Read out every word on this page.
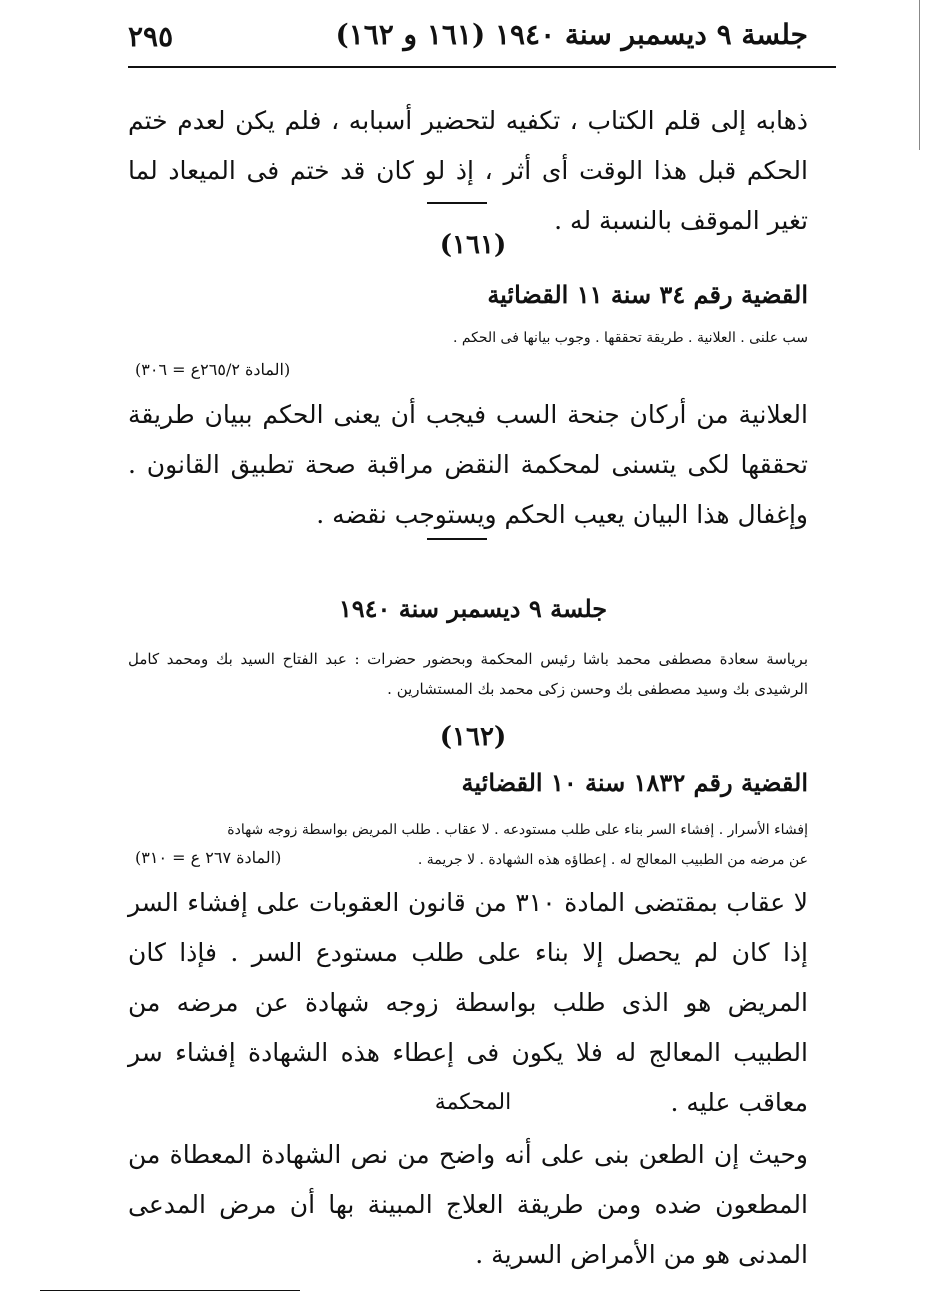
جلسة ٩ ديسمبر سنة ١٩٤٠ (١٦١ و ١٦٢)
٢٩٥
ذهابه إلى قلم الكتاب ، تكفيه لتحضير أسبابه ، فلم يكن لعدم ختم الحكم قبل هذا الوقت أى أثر ، إذ لو كان قد ختم فى الميعاد لما تغير الموقف بالنسبة له .
(١٦١)
القضية رقم ٣٤ سنة ١١ القضائية
سب علنى . العلانية . طريقة تحققها . وجوب بيانها فى الحكم .
(المادة ٢٦٥/٢ع = ٣٠٦)
العلانية من أركان جنحة السب فيجب أن يعنى الحكم ببيان طريقة تحققها لكى يتسنى لمحكمة النقض مراقبة صحة تطبيق القانون . وإغفال هذا البيان يعيب الحكم ويستوجب نقضه .
جلسة ٩ ديسمبر سنة ١٩٤٠
برياسة سعادة مصطفى محمد باشا رئيس المحكمة وبحضور حضرات : عبد الفتاح السيد بك ومحمد كامل الرشيدى بك وسيد مصطفى بك وحسن زكى محمد بك المستشارين .
(١٦٢)
القضية رقم ١٨٣٢ سنة ١٠ القضائية
إفشاء الأسرار . إفشاء السر بناء على طلب مستودعه . لا عقاب . طلب المريض بواسطة زوجه شهادة
عن مرضه من الطبيب المعالج له . إعطاؤه هذه الشهادة . لا جريمة .
(المادة ٢٦٧ ع = ٣١٠)
لا عقاب بمقتضى المادة ٣١٠ من قانون العقوبات على إفشاء السر إذا كان لم يحصل إلا بناء على طلب مستودع السر . فإذا كان المريض هو الذى طلب بواسطة زوجه شهادة عن مرضه من الطبيب المعالج له فلا يكون فى إعطاء هذه الشهادة إفشاء سر معاقب عليه .
المحكمة
وحيث إن الطعن بنى على أنه واضح من نص الشهادة المعطاة من المطعون ضده ومن طريقة العلاج المبينة بها أن مرض المدعى المدنى هو من الأمراض السرية .
